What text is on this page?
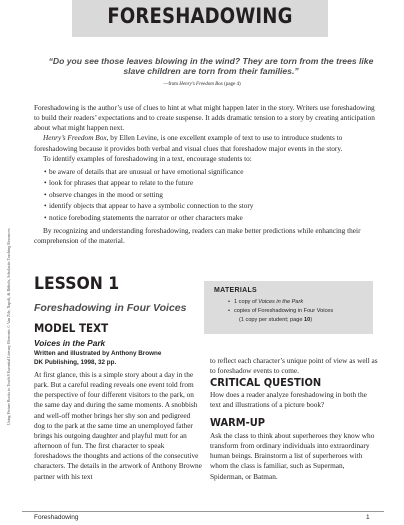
FORESHADOWING
“Do you see those leaves blowing in the wind? They are torn from the trees like slave children are torn from their families.”
—from Henry’s Freedom Box (page 4)

Foreshadowing is the author’s use of clues to hint at what might happen later in the story. Writers use foreshadowing to build their readers’ expectations and to create suspense. It adds dramatic tension to a story by creating anticipation about what might happen next.

Henry’s Freedom Box, by Ellen Levine, is one excellent example of text to use to introduce students to foreshadowing because it provides both verbal and visual clues that foreshadow major events in the story.

To identify examples of foreshadowing in a text, encourage students to:

• be aware of details that are unusual or have emotional significance
• look for phrases that appear to relate to the future
• observe changes in the mood or setting
• identify objects that appear to have a symbolic connection to the story
• notice foreboding statements the narrator or other characters make

By recognizing and understanding foreshadowing, readers can make better predictions while enhancing their comprehension of the material.

Using Picture Books to Teach 8 Essential Literary Elements © Van Zile, Napoli, & Ritholz, Scholastic Teaching Resources LESSON 1
Foreshadowing in Four Voices
MATERIALS
• 1 copy of Voices in the Park
• copies of Foreshadowing in Four Voices
(1 copy per student; page 10)
MODEL TEXT
Voices in the Park
Written and illustrated by Anthony Browne
DK Publishing, 1998, 32 pp.
At first glance, this is a simple story about a day in the park. But a careful reading reveals one event told from the perspective of four different visitors to the park, on the same day and during the same moments. A snobbish and well-off mother brings her shy son and pedigreed dog to the park at the same time an unemployed father brings his outgoing daughter and playful mutt for an afternoon of fun. The first character to speak foreshadows the thoughts and actions of the consecutive characters. The details in the artwork of Anthony Browne partner with his text
to reflect each character’s unique point of view as well as to foreshadow events to come.
CRITICAL QUESTION
How does a reader analyze foreshadowing in both the text and illustrations of a picture book?
WARM-UP
Ask the class to think about superheroes they know who transform from ordinary individuals into extraordinary human beings. Brainstorm a list of superheroes with whom the class is familiar, such as Superman, Spiderman, or Batman.
Foreshadowing	1
